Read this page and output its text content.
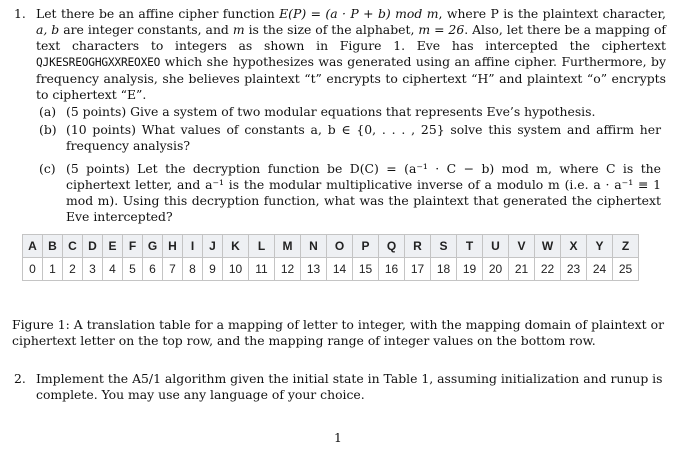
1. Let there be an affine cipher function E(P) = (a · P + b) mod m, where P is the plaintext character, a, b are integer constants, and m is the size of the alphabet, m = 26. Also, let there be a mapping of text characters to integers as shown in Figure 1. Eve has intercepted the ciphertext QJKESREOGHGXXREOXEO which she hypothesizes was generated using an affine cipher. Furthermore, by frequency analysis, she believes plaintext “t” encrypts to ciphertext “H” and plaintext “o” encrypts to ciphertext “E”.
(a) (5 points) Give a system of two modular equations that represents Eve’s hypothesis.
(b) (10 points) What values of constants a, b ∈ {0, . . . , 25} solve this system and affirm her frequency analysis?
(c) (5 points) Let the decryption function be D(C) = (a⁻¹ · C − b) mod m, where C is the ciphertext letter, and a⁻¹ is the modular multiplicative inverse of a modulo m (i.e. a · a⁻¹ ≡ 1 mod m). Using this decryption function, what was the plaintext that generated the ciphertext Eve intercepted?
A	B	C	D	E	F	G	H	I	J	K	L	M	N	O	P	Q	R	S	T	U	V	W	X	Y	Z
0	1	2	3	4	5	6	7	8	9	10	11	12	13	14	15	16	17	18	19	20	21	22	23	24	25
Figure 1: A translation table for a mapping of letter to integer, with the mapping domain of plaintext or ciphertext letter on the top row, and the mapping range of integer values on the bottom row.
2. Implement the A5/1 algorithm given the initial state in Table 1, assuming initialization and runup is complete. You may use any language of your choice.
1
